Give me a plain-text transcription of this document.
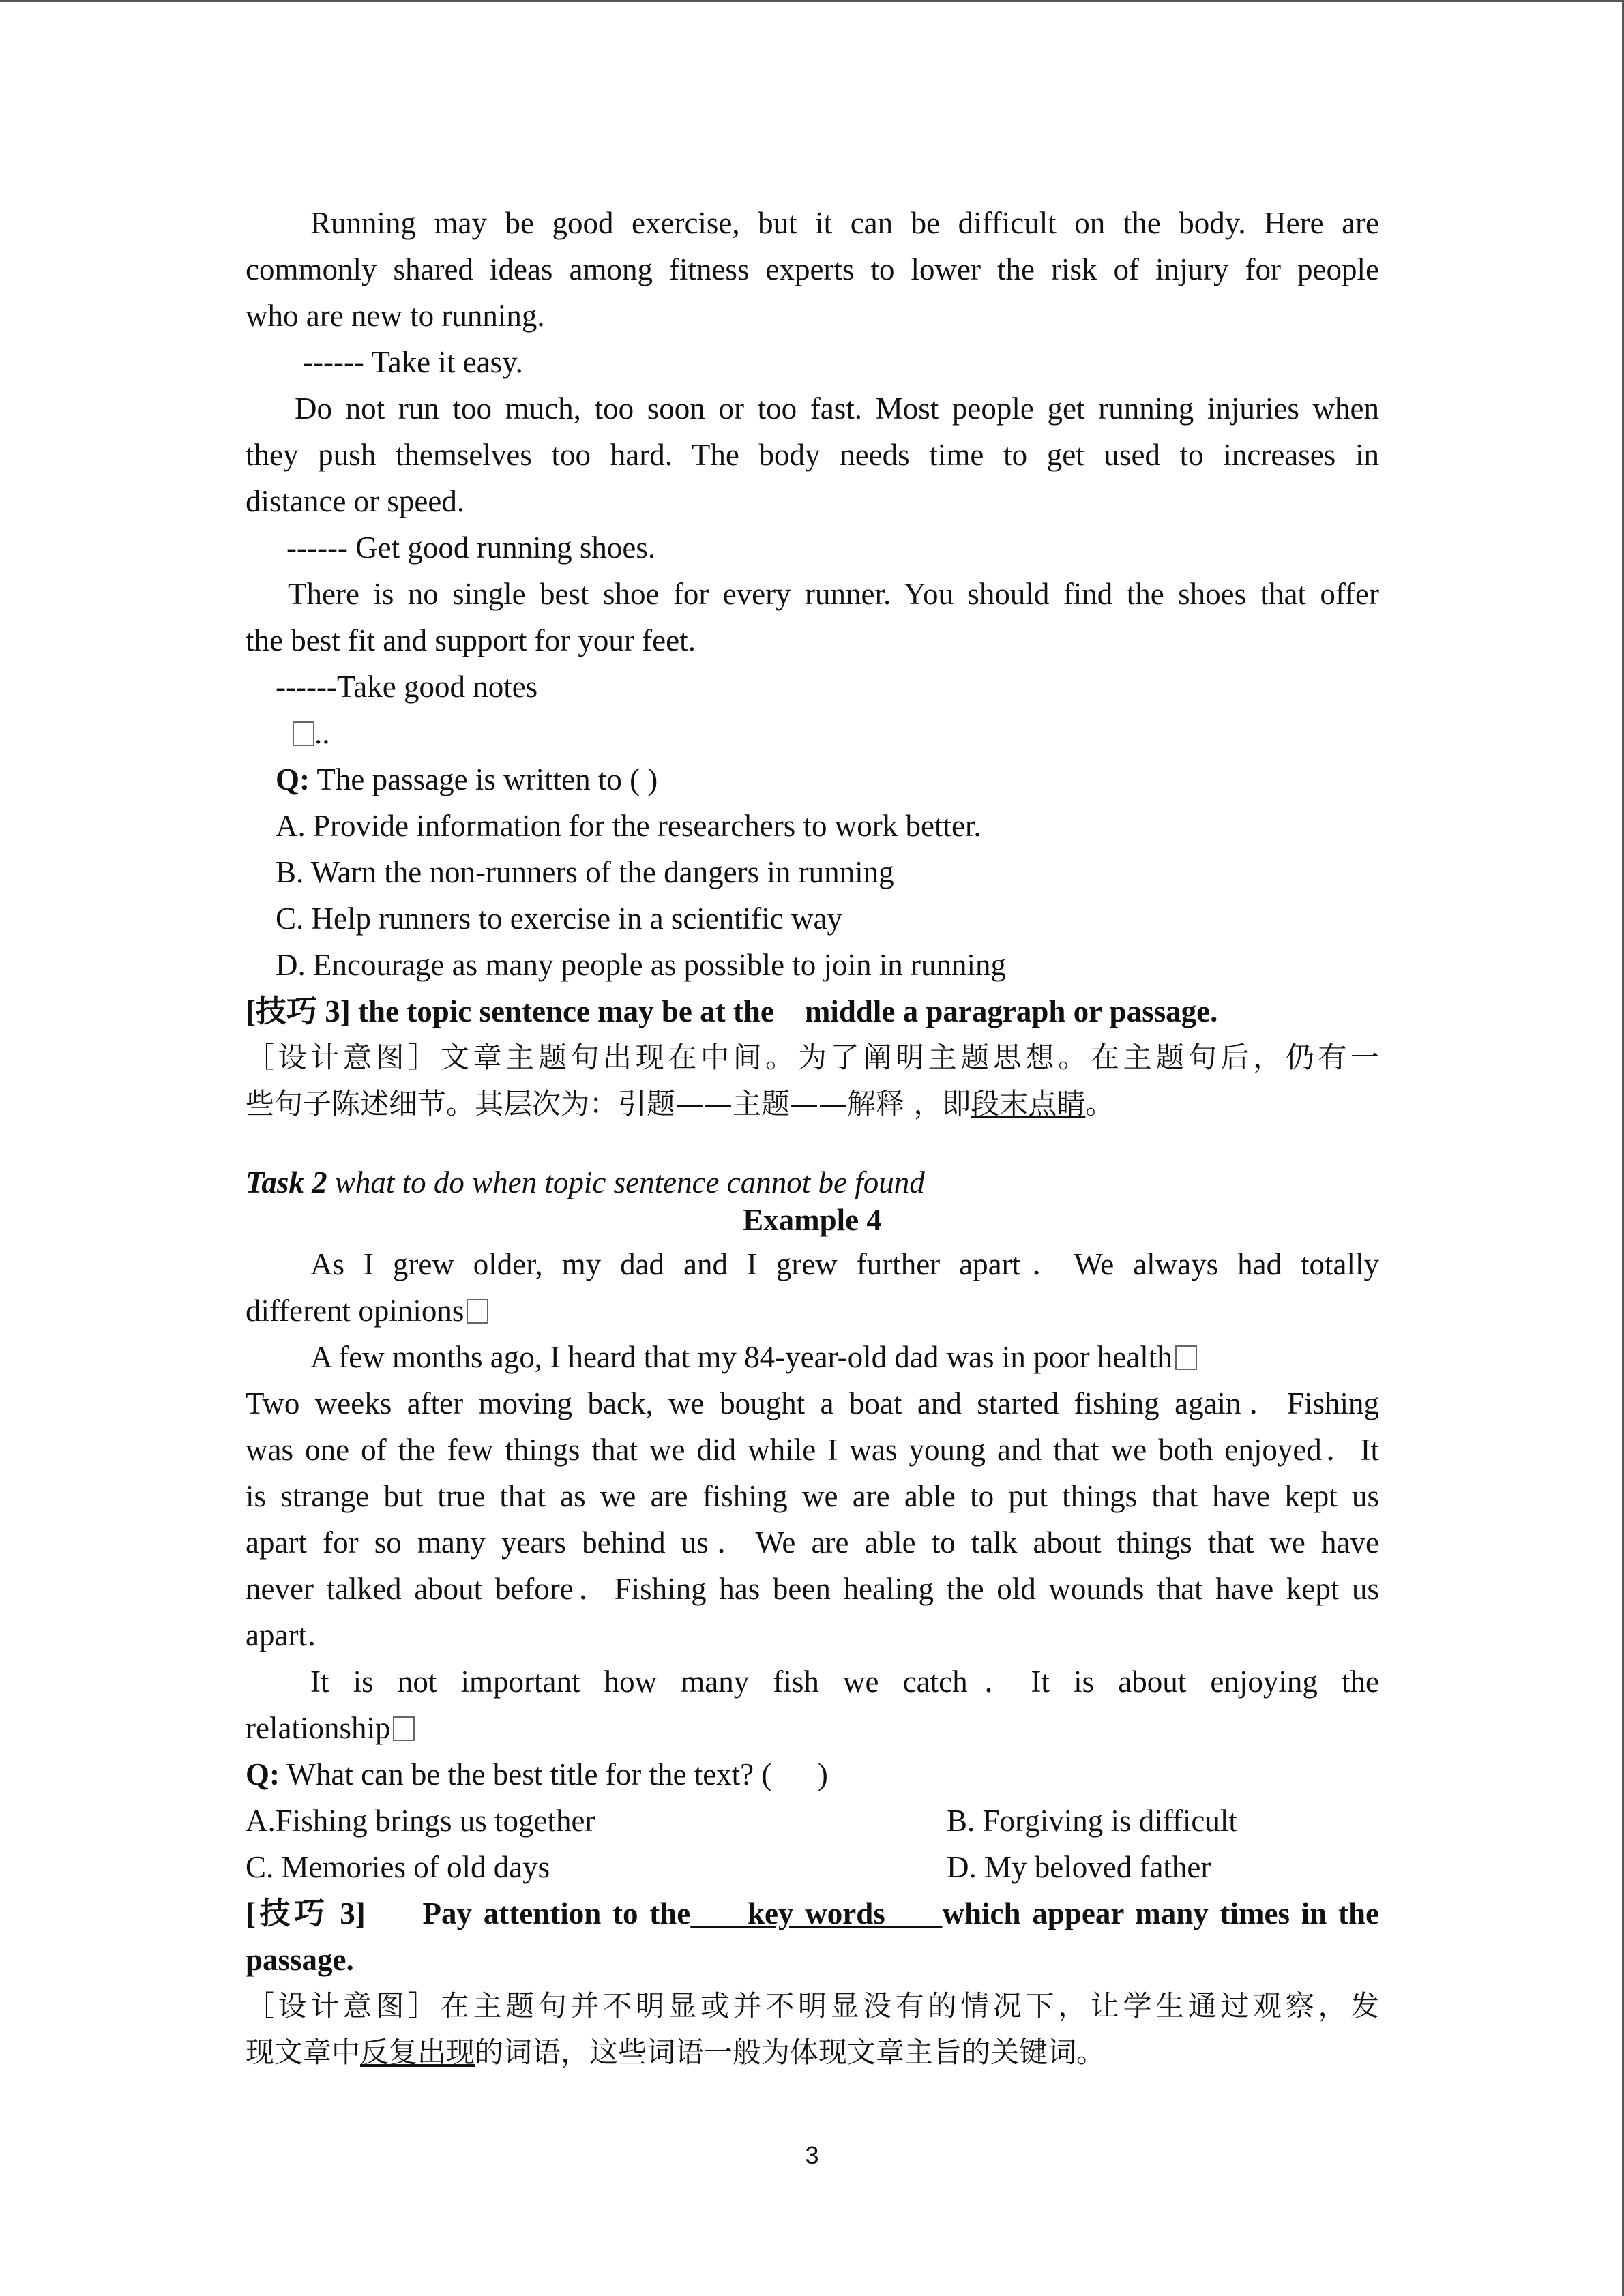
Running may be good exercise, but it can be difficult on the body. Here are
commonly shared ideas among fitness experts to lower the risk of injury for people
who are new to running.
------ Take it easy.
Do not run too much, too soon or too fast. Most people get running injuries when
they push themselves too hard. The body needs time to get used to increases in
distance or speed.
------ Get good running shoes.
There is no single best shoe for every runner. You should find the shoes that offer
the best fit and support for your feet.
------Take good notes
..
Q: The passage is written to ( )
A. Provide information for the researchers to work better.
B. Warn the non-runners of the dangers in running
C. Help runners to exercise in a scientific way
D. Encourage as many people as possible to join in running
[技巧 3] the topic sentence may be at the    middle a paragraph or passage.
［设计意图］文章主题句出现在中间。为了阐明主题思想。在主题句后，仍有一
些句子陈述细节。其层次为：引题——主题——解释 ，即段末点睛。
Task 2 what to do when topic sentence cannot be found
Example 4
As I grew older, my dad and I grew further apart．We always had totally
different opinions
A few months ago, I heard that my 84-year-old dad was in poor health
Two weeks after moving back, we bought a boat and started fishing again．Fishing
was one of the few things that we did while I was young and that we both enjoyed．It
is strange but true that as we are fishing we are able to put things that have kept us
apart for so many years behind us．We are able to talk about things that we have
never talked about before．Fishing has been healing the old wounds that have kept us
apart．
It is not important how many fish we catch．It is about enjoying the
relationship
Q: What can be the best title for the text? (      )
A.Fishing brings us together	B. Forgiving is difficult
C. Memories of old days	D. My beloved father
[技巧 3]     Pay attention to the     key words     which appear many times in the
passage.
［设计意图］在主题句并不明显或并不明显没有的情况下，让学生通过观察，发
现文章中反复出现的词语，这些词语一般为体现文章主旨的关键词。
3
